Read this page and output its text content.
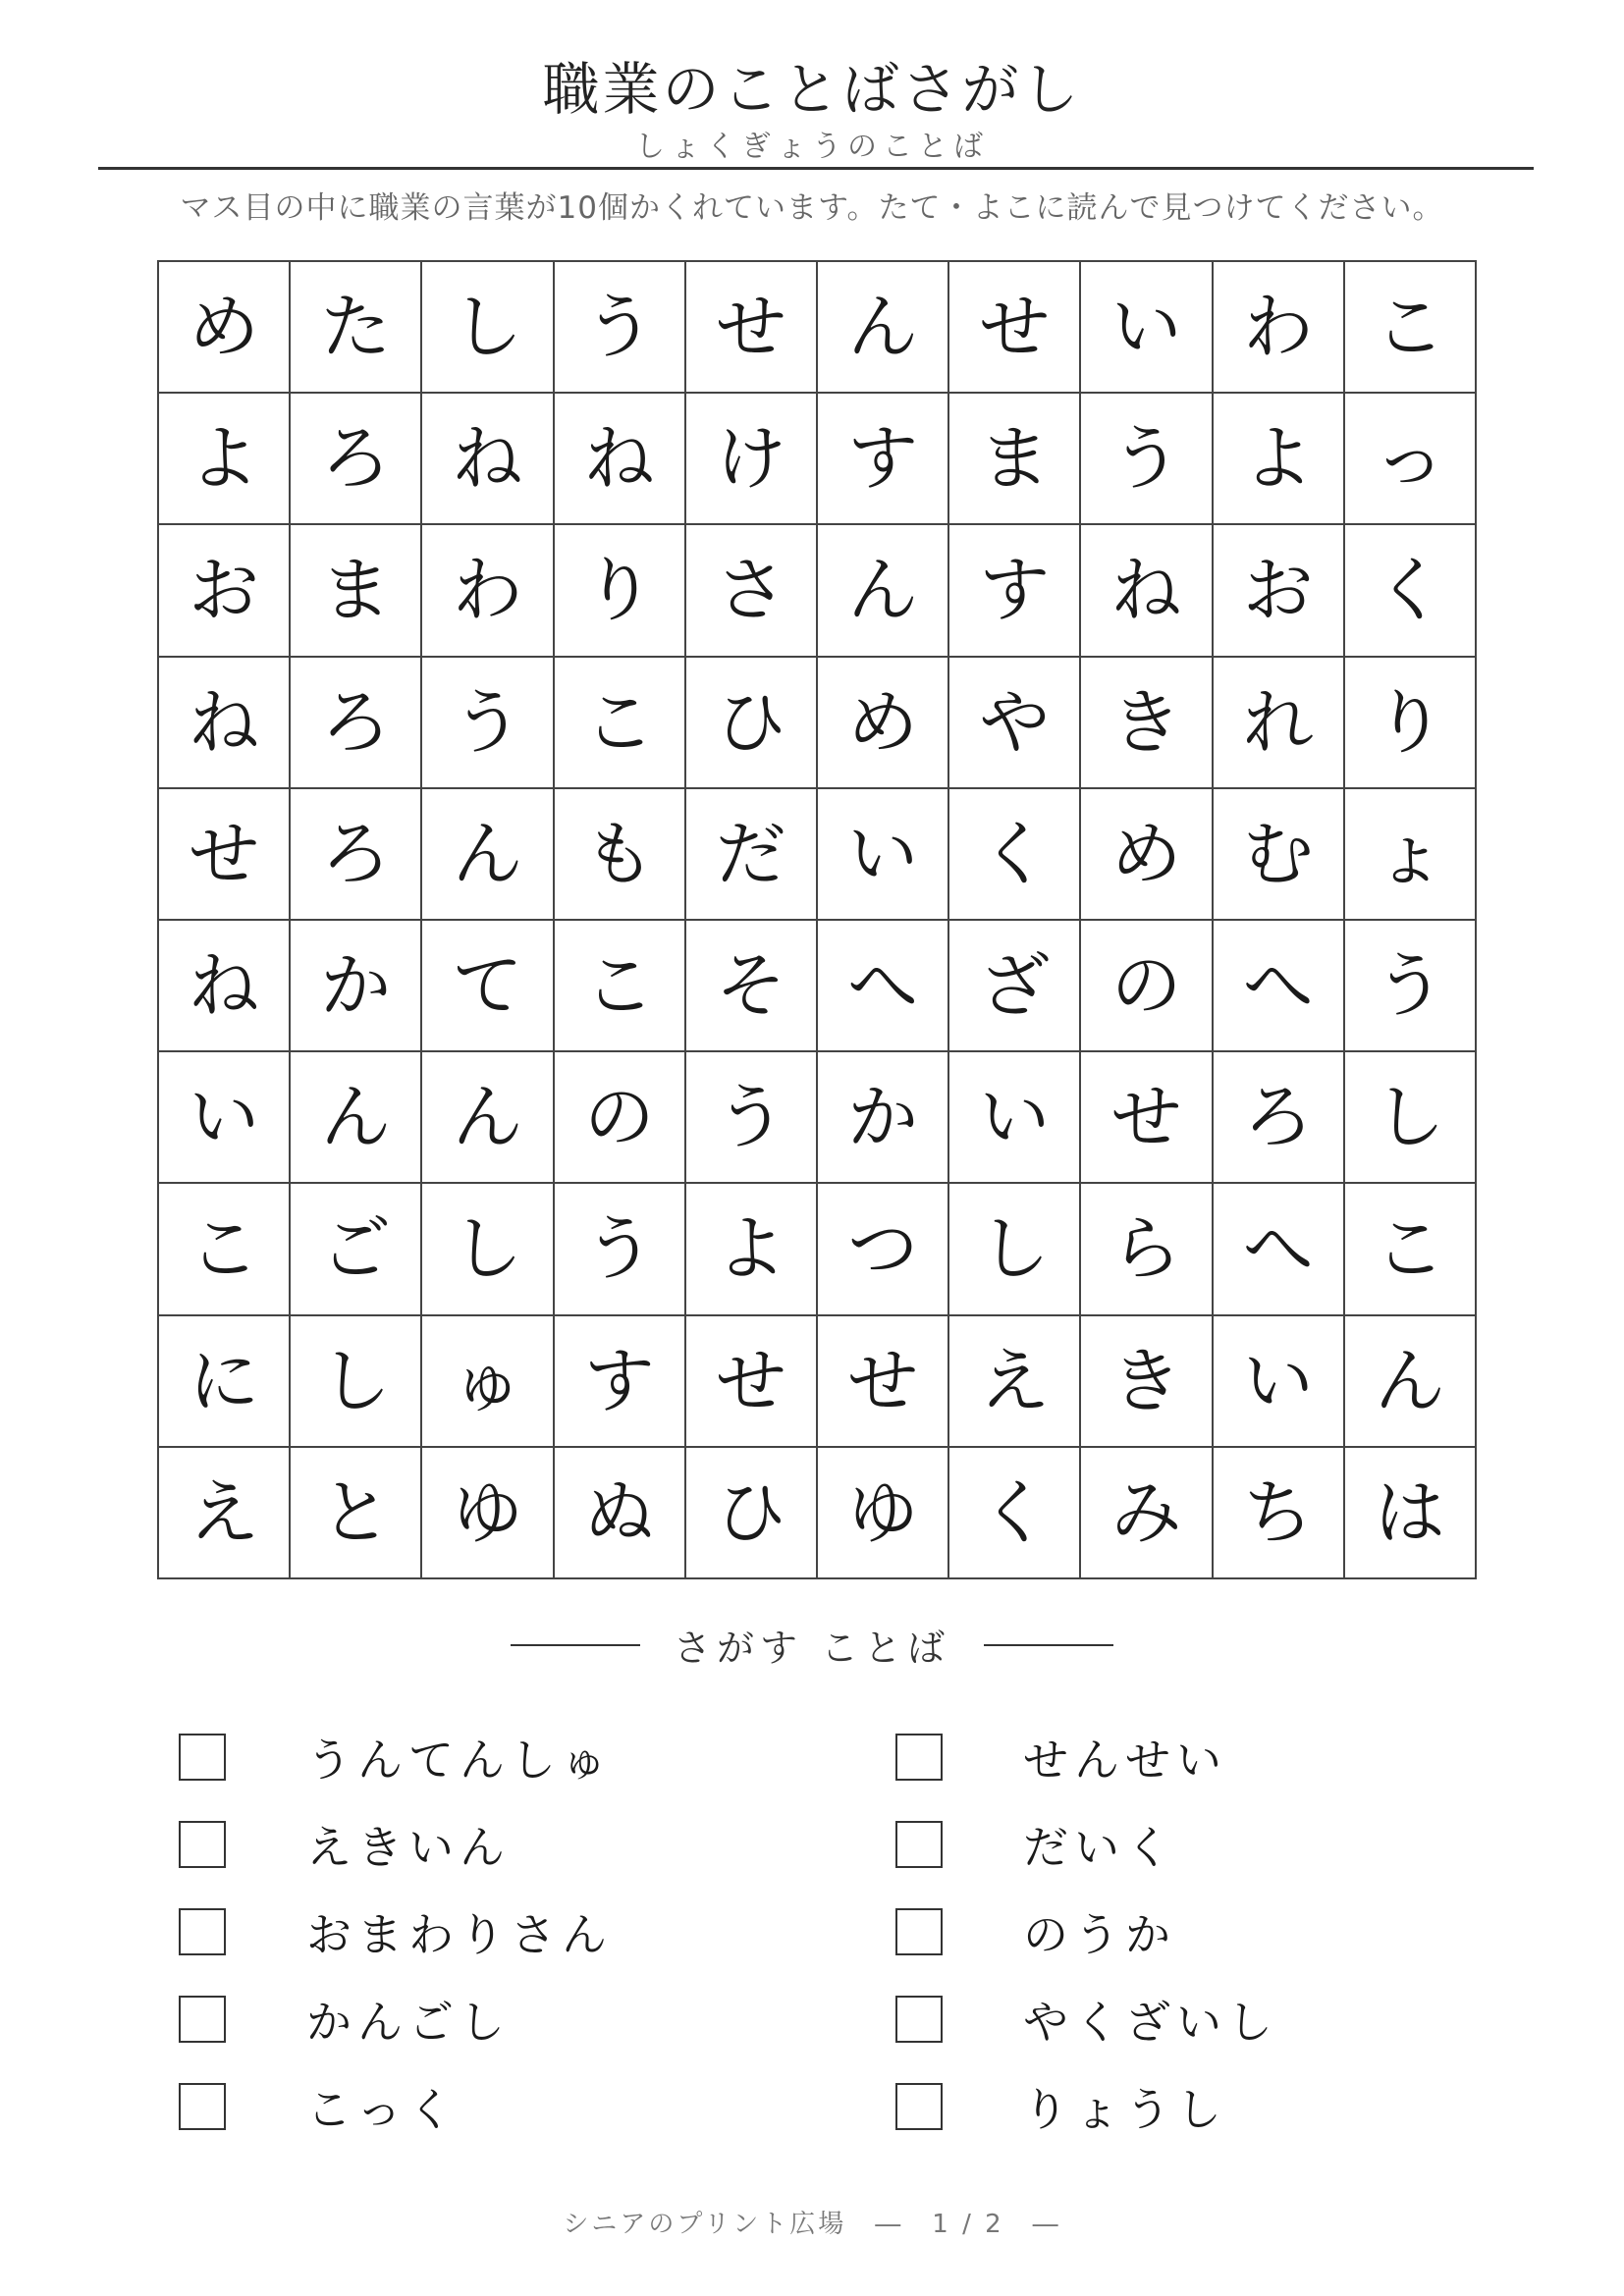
職業のことばさがし
しょくぎょうのことば
マス目の中に職業の言葉が10個かくれています。たて・よこに読んで見つけてください。
め た し う せ ん せ い わ こ
よ ろ ね ね け す ま う よ っ
お ま わ り さ ん す ね お く
ね ろ う こ ひ め や き れ り
せ ろ ん も だ い く め む ょ
ね か て こ そ へ ざ の へ う
い ん ん の う か い せ ろ し
こ ご し う よ つ し ら へ こ
に し ゅ す せ せ え き い ん
え と ゆ ぬ ひ ゆ く み ち は
さがす ことば
うんてんしゅ
えきいん
おまわりさん
かんごし
こっく
せんせい
だいく
のうか
やくざいし
りょうし
シニアのプリント広場　―　1 / 2　―
